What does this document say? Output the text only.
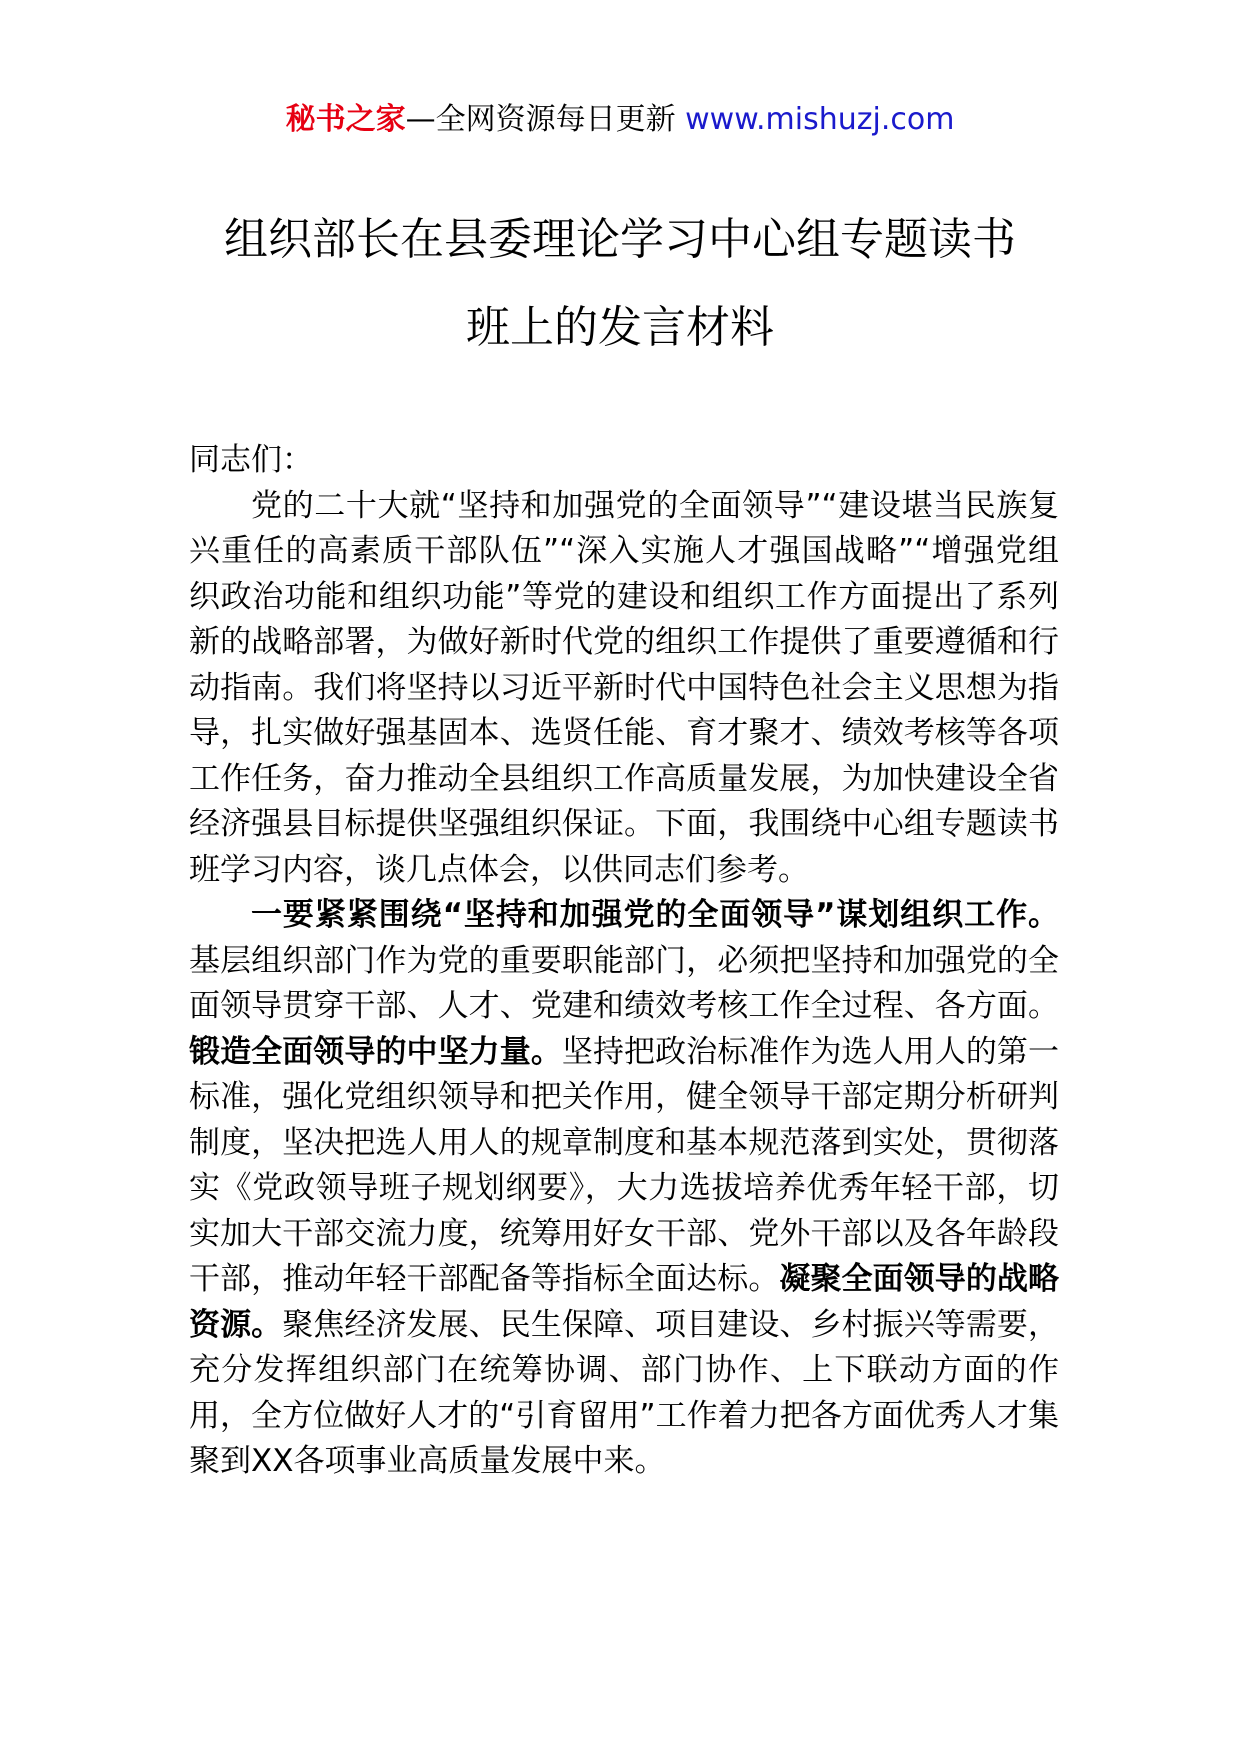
秘书之家—全网资源每日更新 www.mishuzj.com
组织部长在县委理论学习中心组专题读书
班上的发言材料

同志们：

党的二十大就“坚持和加强党的全面领导”“建设堪当民族复兴重任的高素质干部队伍”“深入实施人才强国战略”“增强党组织政治功能和组织功能”等党的建设和组织工作方面提出了系列新的战略部署，为做好新时代党的组织工作提供了重要遵循和行动指南。我们将坚持以习近平新时代中国特色社会主义思想为指导，扎实做好强基固本、选贤任能、育才聚才、绩效考核等各项工作任务，奋力推动全县组织工作高质量发展，为加快建设全省经济强县目标提供坚强组织保证。下面，我围绕中心组专题读书班学习内容，谈几点体会，以供同志们参考。

一要紧紧围绕“坚持和加强党的全面领导”谋划组织工作。基层组织部门作为党的重要职能部门，必须把坚持和加强党的全面领导贯穿干部、人才、党建和绩效考核工作全过程、各方面。锻造全面领导的中坚力量。坚持把政治标准作为选人用人的第一标准，强化党组织领导和把关作用，健全领导干部定期分析研判制度，坚决把选人用人的规章制度和基本规范落到实处，贯彻落实《党政领导班子规划纲要》，大力选拔培养优秀年轻干部，切实加大干部交流力度，统筹用好女干部、党外干部以及各年龄段干部，推动年轻干部配备等指标全面达标。凝聚全面领导的战略资源。聚焦经济发展、民生保障、项目建设、乡村振兴等需要，充分发挥组织部门在统筹协调、部门协作、上下联动方面的作用，全方位做好人才的“引育留用”工作着力把各方面优秀人才集聚到XX各项事业高质量发展中来。
